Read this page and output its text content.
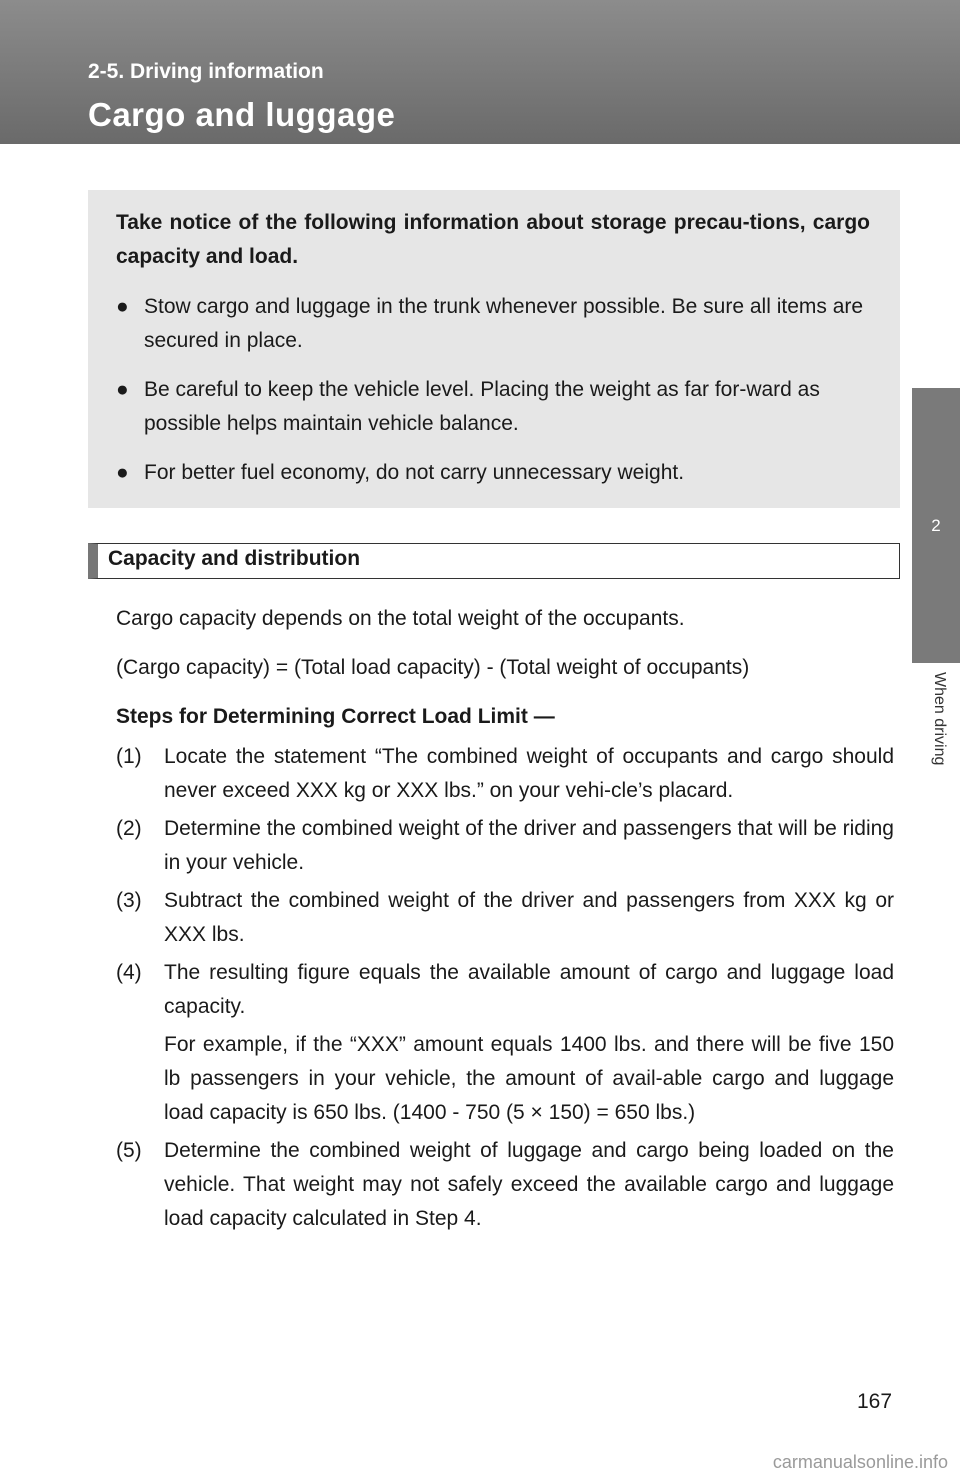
2-5. Driving information

Cargo and luggage
2
When driving

Take notice of the following information about storage precau-tions, cargo capacity and load.

● Stow cargo and luggage in the trunk whenever possible. Be sure all items are secured in place.
● Be careful to keep the vehicle level. Placing the weight as far for-ward as possible helps maintain vehicle balance.
● For better fuel economy, do not carry unnecessary weight.
Capacity and distribution

Cargo capacity depends on the total weight of the occupants.

(Cargo capacity) = (Total load capacity) - (Total weight of occupants)

Steps for Determining Correct Load Limit —

(1)	Locate the statement “The combined weight of occupants and cargo should never exceed XXX kg or XXX lbs.” on your vehi-cle’s placard.
(2)	Determine the combined weight of the driver and passengers that will be riding in your vehicle.
(3)	Subtract the combined weight of the driver and passengers from XXX kg or XXX lbs.
(4)	The resulting figure equals the available amount of cargo and luggage load capacity.

For example, if the “XXX” amount equals 1400 lbs. and there will be five 150 lb passengers in your vehicle, the amount of avail-able cargo and luggage load capacity is 650 lbs. (1400 - 750 (5 × 150) = 650 lbs.)

(5)	Determine the combined weight of luggage and cargo being loaded on the vehicle. That weight may not safely exceed the available cargo and luggage load capacity calculated in Step 4.

167

carmanualsonline.info
